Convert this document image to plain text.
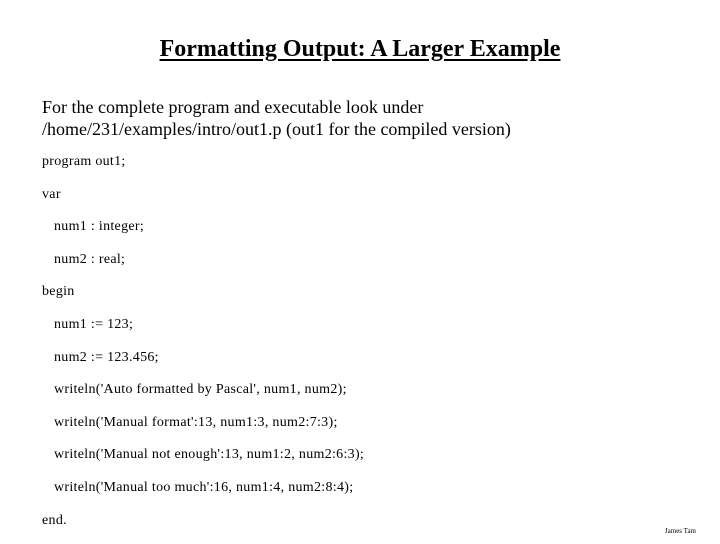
Formatting Output: A Larger Example
For the complete program and executable look under
/home/231/examples/intro/out1.p (out1 for the compiled version)
program out1;
var
num1 : integer;
num2 : real;
begin
num1 := 123;
num2 := 123.456;
writeln('Auto formatted by Pascal', num1, num2);
writeln('Manual format':13, num1:3, num2:7:3);
writeln('Manual not enough':13, num1:2, num2:6:3);
writeln('Manual too much':16, num1:4, num2:8:4);
end.
James Tam
